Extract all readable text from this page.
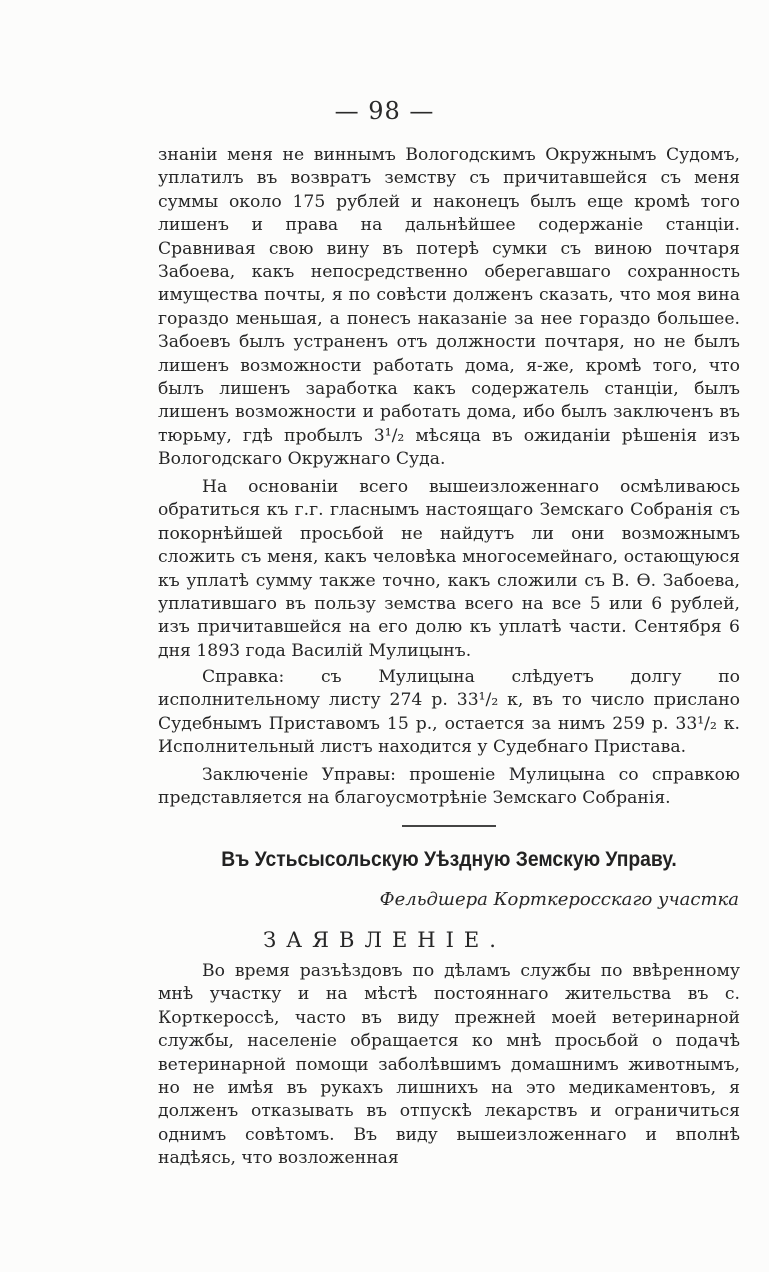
— 98 —

знаніи меня не виннымъ Вологодскимъ Окружнымъ Судомъ, уплатилъ въ возвратъ земству съ причитавшейся съ меня суммы около 175 рублей и наконецъ былъ еще кромѣ того лишенъ и права на дальнѣйшее содержаніе станціи. Сравнивая свою вину въ потерѣ сумки съ виною почтаря Забоева, какъ непосредственно оберегавшаго сохранность имущества почты, я по совѣсти долженъ сказать, что моя вина гораздо меньшая, а понесъ наказаніе за нее гораздо большее. Забоевъ былъ устраненъ отъ должности почтаря, но не былъ лишенъ возможности работать дома, я-же, кромѣ того, что былъ лишенъ заработка какъ содержатель станціи, былъ лишенъ возможности и работать дома, ибо былъ заключенъ въ тюрьму, гдѣ пробылъ 3¹/₂ мѣсяца въ ожиданіи рѣшенія изъ Вологодскаго Окружнаго Суда.

На основаніи всего вышеизложеннаго осмѣливаюсь обратиться къ г.г. гласнымъ настоящаго Земскаго Собранія съ покорнѣйшей просьбой не найдутъ ли они возможнымъ сложить съ меня, какъ человѣка многосемейнаго, остающуюся къ уплатѣ сумму также точно, какъ сложили съ В. Ѳ. Забоева, уплатившаго въ пользу земства всего на все 5 или 6 рублей, изъ причитавшейся на его долю къ уплатѣ части. Сентября 6 дня 1893 года Василій Мулицынъ.

Справка: съ Мулицына слѣдуетъ долгу по исполнительному листу 274 р. 33¹/₂ к, въ то число прислано Судебнымъ Приставомъ 15 р., остается за нимъ 259 р. 33¹/₂ к. Исполнительный листъ находится у Судебнаго Пристава.

Заключеніе Управы: прошеніе Мулицына со справкою представляется на благоусмотрѣніе Земскаго Собранія.

Въ Устьсысольскую Уѣздную Земскую Управу.
Фельдшера Корткеросскаго участка
ЗАЯВЛЕНІЕ.

Во время разъѣздовъ по дѣламъ службы по ввѣренному мнѣ участку и на мѣстѣ постояннаго жительства въ с. Корткероссѣ, часто въ виду прежней моей ветеринарной службы, населеніе обращается ко мнѣ просьбой о подачѣ ветеринарной помощи заболѣвшимъ домашнимъ животнымъ, но не имѣя въ рукахъ лишнихъ на это медикаментовъ, я долженъ отказывать въ отпускѣ лекарствъ и ограничиться однимъ совѣтомъ. Въ виду вышеизложеннаго и вполнѣ надѣясь, что возложенная
